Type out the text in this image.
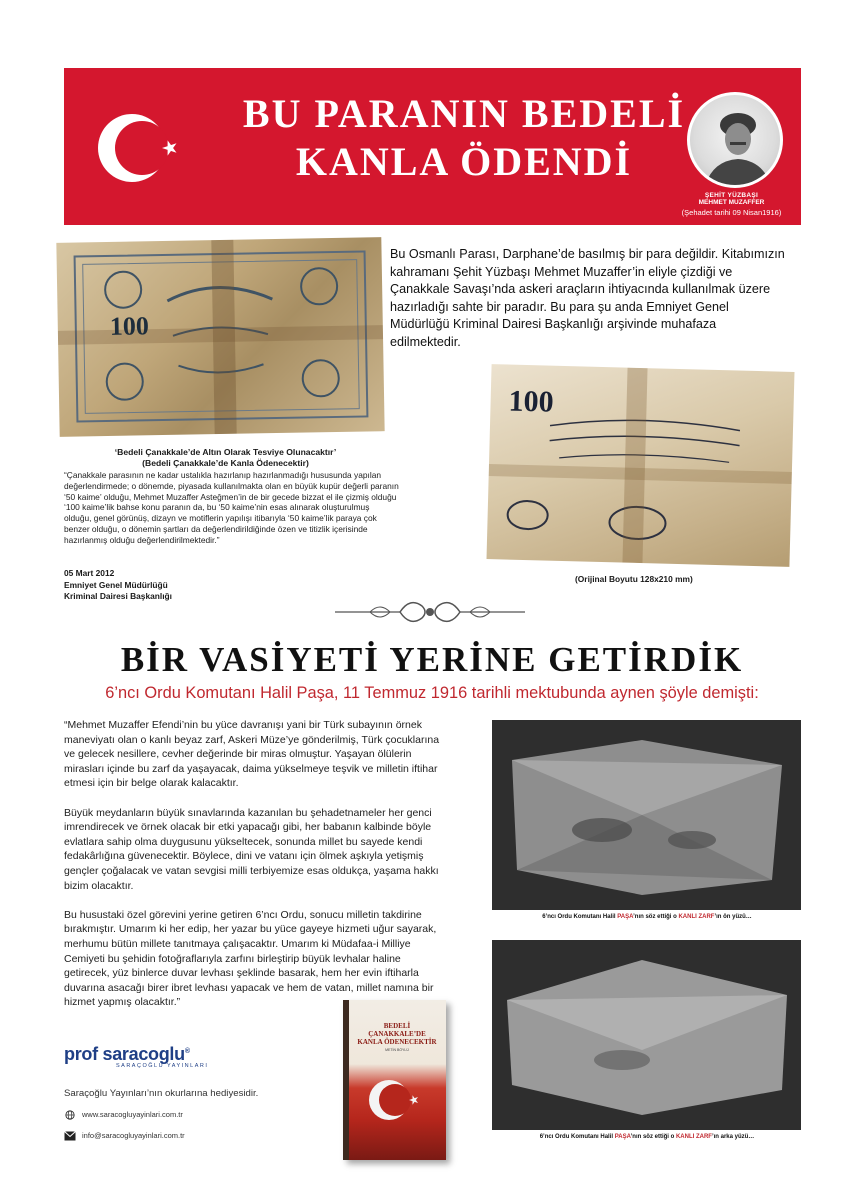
BU PARANIN BEDELİ
KANLA ÖDENDİ
ŞEHİT YÜZBAŞI
MEHMET MUZAFFER
(Şehadet tarihi 09 Nisan1916)
100
Bu Osmanlı Parası, Darphane’de basılmış bir para değildir. Kitabımızın kahramanı Şehit Yüzbaşı Mehmet Muzaffer’in eliyle çizdiği ve Çanakkale Savaşı’nda askeri araçların ihtiyacında kullanılmak üzere hazırladığı sahte bir paradır. Bu para şu anda Emniyet Genel Müdürlüğü Kriminal Dairesi Başkanlığı arşivinde muhafaza edilmektedir.
100
‘Bedeli Çanakkale’de Altın Olarak Tesviye Olunacaktır’
(Bedeli Çanakkale’de Kanla Ödenecektir)
“Çanakkale parasının ne kadar ustalıkla hazırlanıp hazırlanmadığı hususunda yapılan değerlendirmede; o dönemde, piyasada kullanılmakta olan en büyük kupür değerli paranın ‘50 kaime’ olduğu, Mehmet Muzaffer Asteğmen’in de bir gecede bizzat el ile çizmiş olduğu ‘100 kaime’lik bahse konu paranın da, bu ‘50 kaime’nin esas alınarak oluşturulmuş olduğu, genel görünüş, dizayn ve motiflerin yapılışı itibarıyla ‘50 kaime’lik paraya çok benzer olduğu, o dönemin şartları da değerlendirildiğinde özen ve titizlik içerisinde hazırlanmış olduğu değerlendirilmektedir.”
05 Mart 2012
Emniyet Genel Müdürlüğü
Kriminal Dairesi Başkanlığı
(Orijinal Boyutu 128x210 mm)
BİR VASİYETİ YERİNE GETİRDİK
6’ncı Ordu Komutanı Halil Paşa, 11 Temmuz 1916 tarihli mektubunda aynen şöyle demişti:

“Mehmet Muzaffer Efendi’nin bu yüce davranışı yani bir Türk subayının örnek maneviyatı olan o kanlı beyaz zarf, Askeri Müze’ye gönderilmiş, Türk çocuklarına ve gelecek nesillere, cevher değerinde bir miras olmuştur. Yaşayan ölülerin mirasları içinde bu zarf da yaşayacak, daima yükselmeye teşvik ve milletin iftihar etmesi için bir belge olarak kalacaktır.

Büyük meydanların büyük sınavlarında kazanılan bu şehadetnameler her genci imrendirecek ve örnek olacak bir etki yapacağı gibi, her babanın kalbinde böyle evlatlara sahip olma duygusunu yükseltecek, sonunda millet bu sayede kendi fedakârlığına güvenecektir. Böylece, dini ve vatanı için ölmek aşkıyla yetişmiş gençler çoğalacak ve vatan sevgisi milli terbiyemize esas oldukça, yaşama hakkı bizim olacaktır.

Bu husustaki özel görevini yerine getiren 6’ncı Ordu, sonucu milletin takdirine bırakmıştır. Umarım ki her edip, her yazar bu yüce gayeye hizmeti uğur sayarak, merhumu bütün millete tanıtmaya çalışacaktır. Umarım ki Müdafaa-i Milliye Cemiyeti bu şehidin fotoğraflarıyla zarfını birleştirip büyük levhalar haline getirecek, yüz binlerce duvar levhası şeklinde basarak, hem her evin iftiharla duvarına asacağı birer ibret levhası yapacak ve hem de vatan, millet namına bir hizmet yapmış olacaktır.”

6’ncı Ordu Komutanı Halil PAŞA’nın söz ettiği o KANLI ZARF’ın ön yüzü…
6’ncı Ordu Komutanı Halil PAŞA’nın söz ettiği o KANLI ZARF’ın arka yüzü…
BEDELİ
ÇANAKKALE’DE
KANLA ÖDENECEKTİR
METİN BÖYLÜ
prof saracoglu®
SARAÇOĞLU YAYINLARI
Saraçoğlu Yayınları’nın okurlarına hediyesidir.
www.saracogluyayinlari.com.tr
info@saracogluyayinlari.com.tr
